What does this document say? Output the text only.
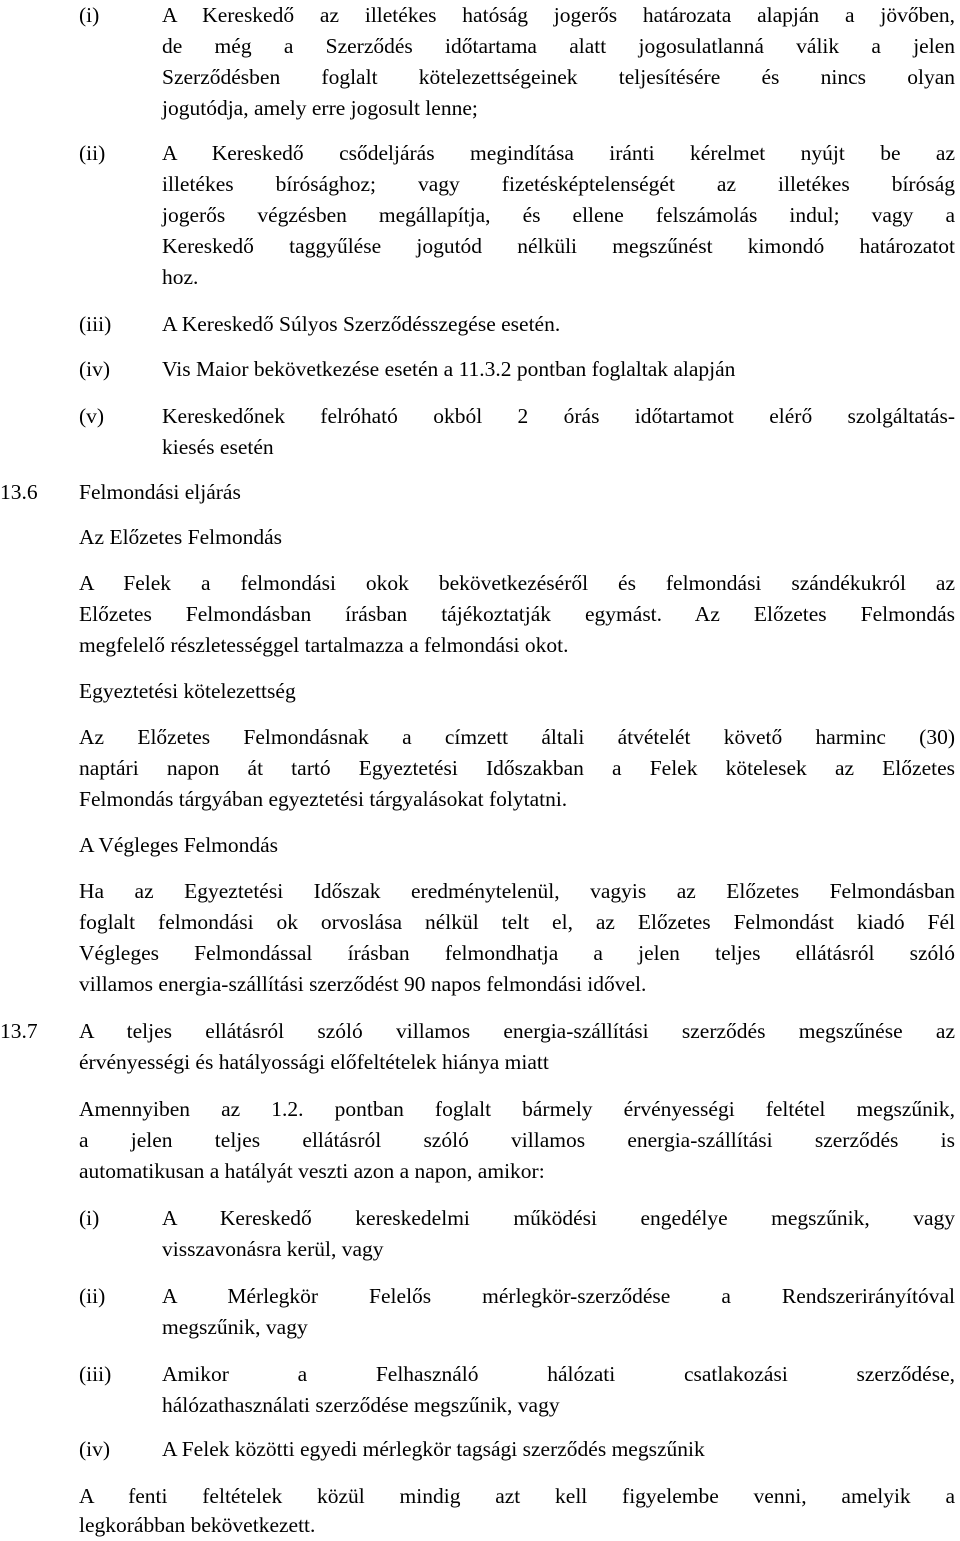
(i)	A Kereskedő az illetékes hatóság jogerős határozata alapján a jövőben,
de még a Szerződés időtartama alatt jogosulatlanná válik a jelen
Szerződésben foglalt kötelezettségeinek teljesítésére és nincs olyan
jogutódja, amely erre jogosult lenne;
(ii)	A Kereskedő csődeljárás megindítása iránti kérelmet nyújt be az
illetékes bírósághoz; vagy fizetésképtelenségét az illetékes bíróság
jogerős végzésben megállapítja, és ellene felszámolás indul; vagy a
Kereskedő taggyűlése jogutód nélküli megszűnést kimondó határozatot
hoz.
(iii) A Kereskedő Súlyos Szerződésszegése esetén.
(iv) Vis Maior bekövetkezése esetén a 11.3.2 pontban foglaltak alapján
(v)	Kereskedőnek felróható okból 2 órás időtartamot elérő szolgáltatás-
kiesés esetén
13.6 Felmondási eljárás
Az Előzetes Felmondás
A Felek a felmondási okok bekövetkezéséről és felmondási szándékukról az
Előzetes Felmondásban írásban tájékoztatják egymást. Az Előzetes Felmondás
megfelelő részletességgel tartalmazza a felmondási okot.
Egyeztetési kötelezettség
Az Előzetes Felmondásnak a címzett általi átvételét követő harminc (30)
naptári napon át tartó Egyeztetési Időszakban a Felek kötelesek az Előzetes
Felmondás tárgyában egyeztetési tárgyalásokat folytatni.
A Végleges Felmondás
Ha az Egyeztetési Időszak eredménytelenül, vagyis az Előzetes Felmondásban
foglalt felmondási ok orvoslása nélkül telt el, az Előzetes Felmondást kiadó Fél
Végleges Felmondással írásban felmondhatja a jelen teljes ellátásról szóló
villamos energia-szállítási szerződést 90 napos felmondási idővel.
13.7 A teljes ellátásról szóló villamos energia-szállítási szerződés megszűnése az
érvényességi és hatályossági előfeltételek hiánya miatt
Amennyiben az 1.2. pontban foglalt bármely érvényességi feltétel megszűnik,
a jelen teljes ellátásról szóló villamos energia-szállítási szerződés is
automatikusan a hatályát veszti azon a napon, amikor:
(i)	A Kereskedő kereskedelmi működési engedélye megszűnik, vagy
visszavonásra kerül, vagy
(ii)	A Mérlegkör Felelős mérlegkör-szerződése a Rendszerirányítóval
megszűnik, vagy
(iii) Amikor a Felhasználó hálózati csatlakozási szerződése,
hálózathasználati szerződése megszűnik, vagy
(iv) A Felek közötti egyedi mérlegkör tagsági szerződés megszűnik
A fenti feltételek közül mindig azt kell figyelembe venni, amelyik a
legkorábban bekövetkezett.
